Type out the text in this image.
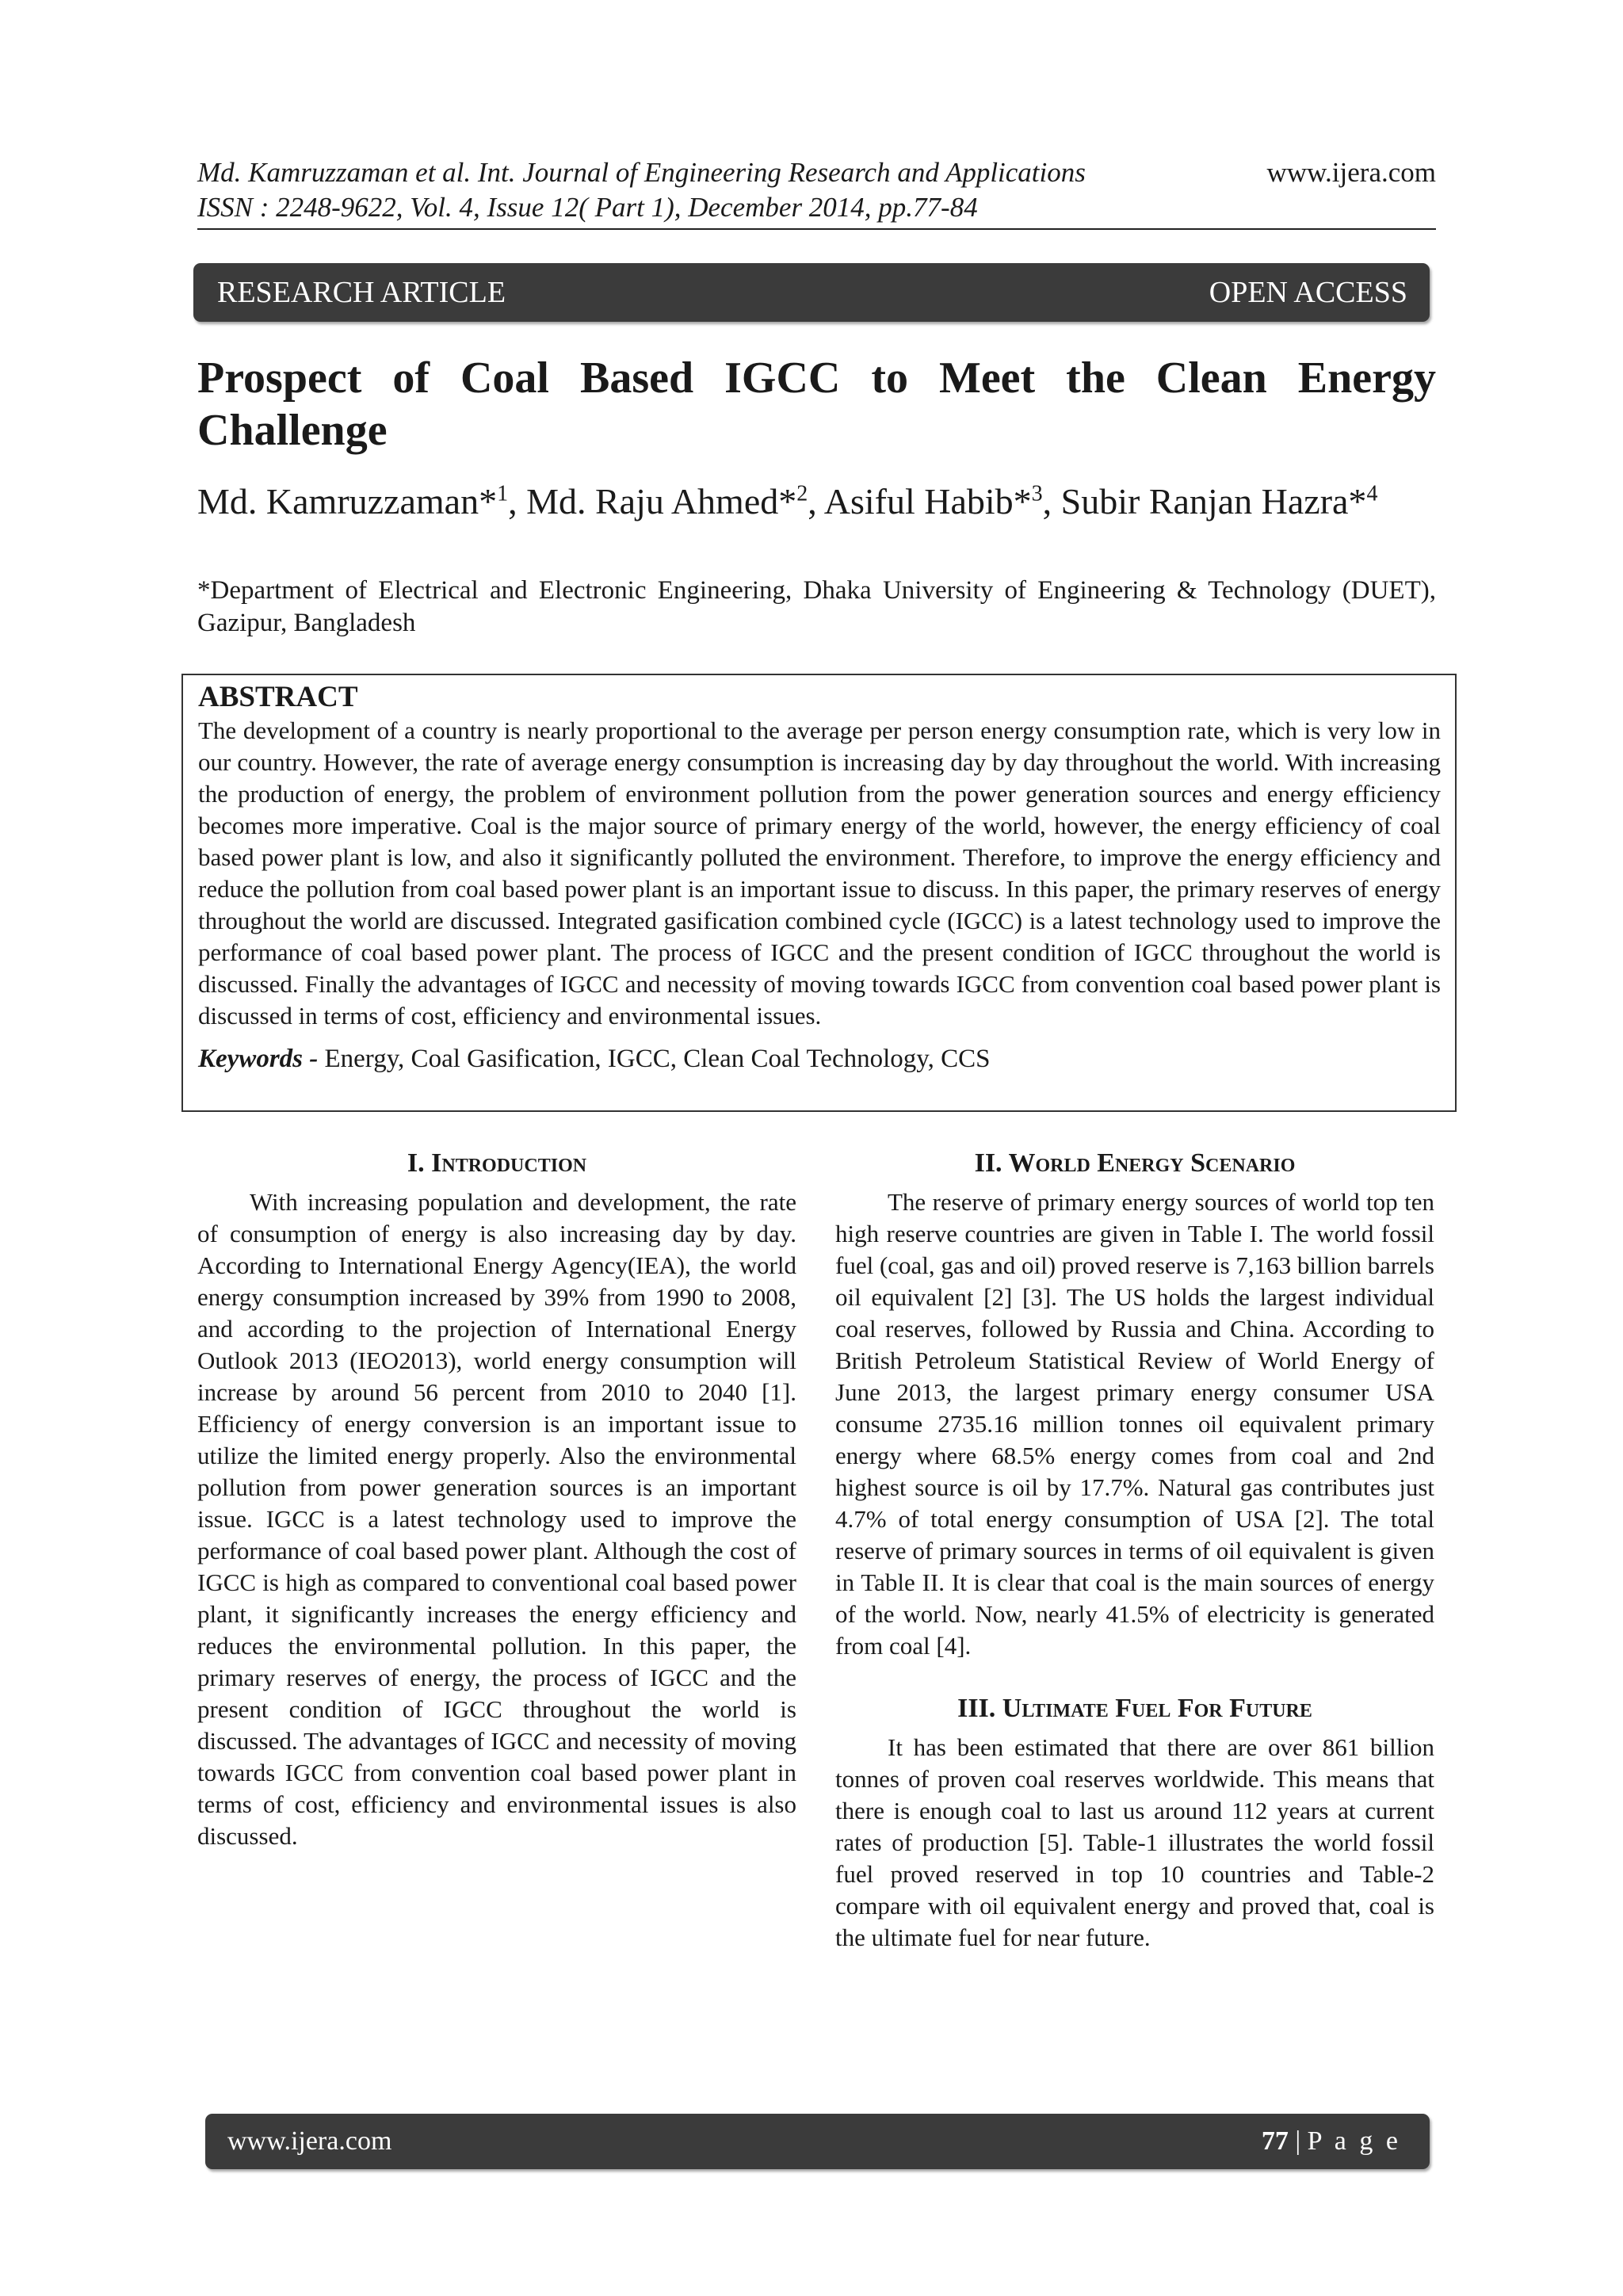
Md. Kamruzzaman et al. Int. Journal of Engineering Research and Applications
ISSN : 2248-9622, Vol. 4, Issue 12( Part 1), December 2014, pp.77-84
www.ijera.com
RESEARCH ARTICLE	OPEN ACCESS
Prospect of Coal Based IGCC to Meet the Clean Energy Challenge
Md. Kamruzzaman*$^1$, Md. Raju Ahmed*$^2$, Asiful Habib*$^3$, Subir Ranjan Hazra*$^4$
*Department of Electrical and Electronic Engineering, Dhaka University of Engineering & Technology (DUET), Gazipur, Bangladesh
ABSTRACT
The development of a country is nearly proportional to the average per person energy consumption rate, which is very low in our country. However, the rate of average energy consumption is increasing day by day throughout the world. With increasing the production of energy, the problem of environment pollution from the power generation sources and energy efficiency becomes more imperative. Coal is the major source of primary energy of the world, however, the energy efficiency of coal based power plant is low, and also it significantly polluted the environment. Therefore, to improve the energy efficiency and reduce the pollution from coal based power plant is an important issue to discuss. In this paper, the primary reserves of energy throughout the world are discussed. Integrated gasification combined cycle (IGCC) is a latest technology used to improve the performance of coal based power plant. The process of IGCC and the present condition of IGCC throughout the world is discussed. Finally the advantages of IGCC and necessity of moving towards IGCC from convention coal based power plant is discussed in terms of cost, efficiency and environmental issues.
Keywords - Energy, Coal Gasification, IGCC, Clean Coal Technology, CCS
I. Introduction

With increasing population and development, the rate of consumption of energy is also increasing day by day. According to International Energy Agency(IEA), the world energy consumption increased by 39% from 1990 to 2008, and according to the projection of International Energy Outlook 2013 (IEO2013), world energy consumption will increase by around 56 percent from 2010 to 2040 [1]. Efficiency of energy conversion is an important issue to utilize the limited energy properly. Also the environmental pollution from power generation sources is an important issue. IGCC is a latest technology used to improve the performance of coal based power plant. Although the cost of IGCC is high as compared to conventional coal based power plant, it significantly increases the energy efficiency and reduces the environmental pollution. In this paper, the primary reserves of energy, the process of IGCC and the present condition of IGCC throughout the world is discussed. The advantages of IGCC and necessity of moving towards IGCC from convention coal based power plant in terms of cost, efficiency and environmental issues is also discussed.

II. World Energy Scenario

The reserve of primary energy sources of world top ten high reserve countries are given in Table I. The world fossil fuel (coal, gas and oil) proved reserve is 7,163 billion barrels oil equivalent [2] [3]. The US holds the largest individual coal reserves, followed by Russia and China. According to British Petroleum Statistical Review of World Energy of June 2013, the largest primary energy consumer USA consume 2735.16 million tonnes oil equivalent primary energy where 68.5% energy comes from coal and 2nd highest source is oil by 17.7%. Natural gas contributes just 4.7% of total energy consumption of USA [2]. The total reserve of primary sources in terms of oil equivalent is given in Table II. It is clear that coal is the main sources of energy of the world. Now, nearly 41.5% of electricity is generated from coal [4].

III. Ultimate Fuel For Future

It has been estimated that there are over 861 billion tonnes of proven coal reserves worldwide. This means that there is enough coal to last us around 112 years at current rates of production [5]. Table-1 illustrates the world fossil fuel proved reserved in top 10 countries and Table-2 compare with oil equivalent energy and proved that, coal is the ultimate fuel for near future.

www.ijera.com	77 | P a g e
